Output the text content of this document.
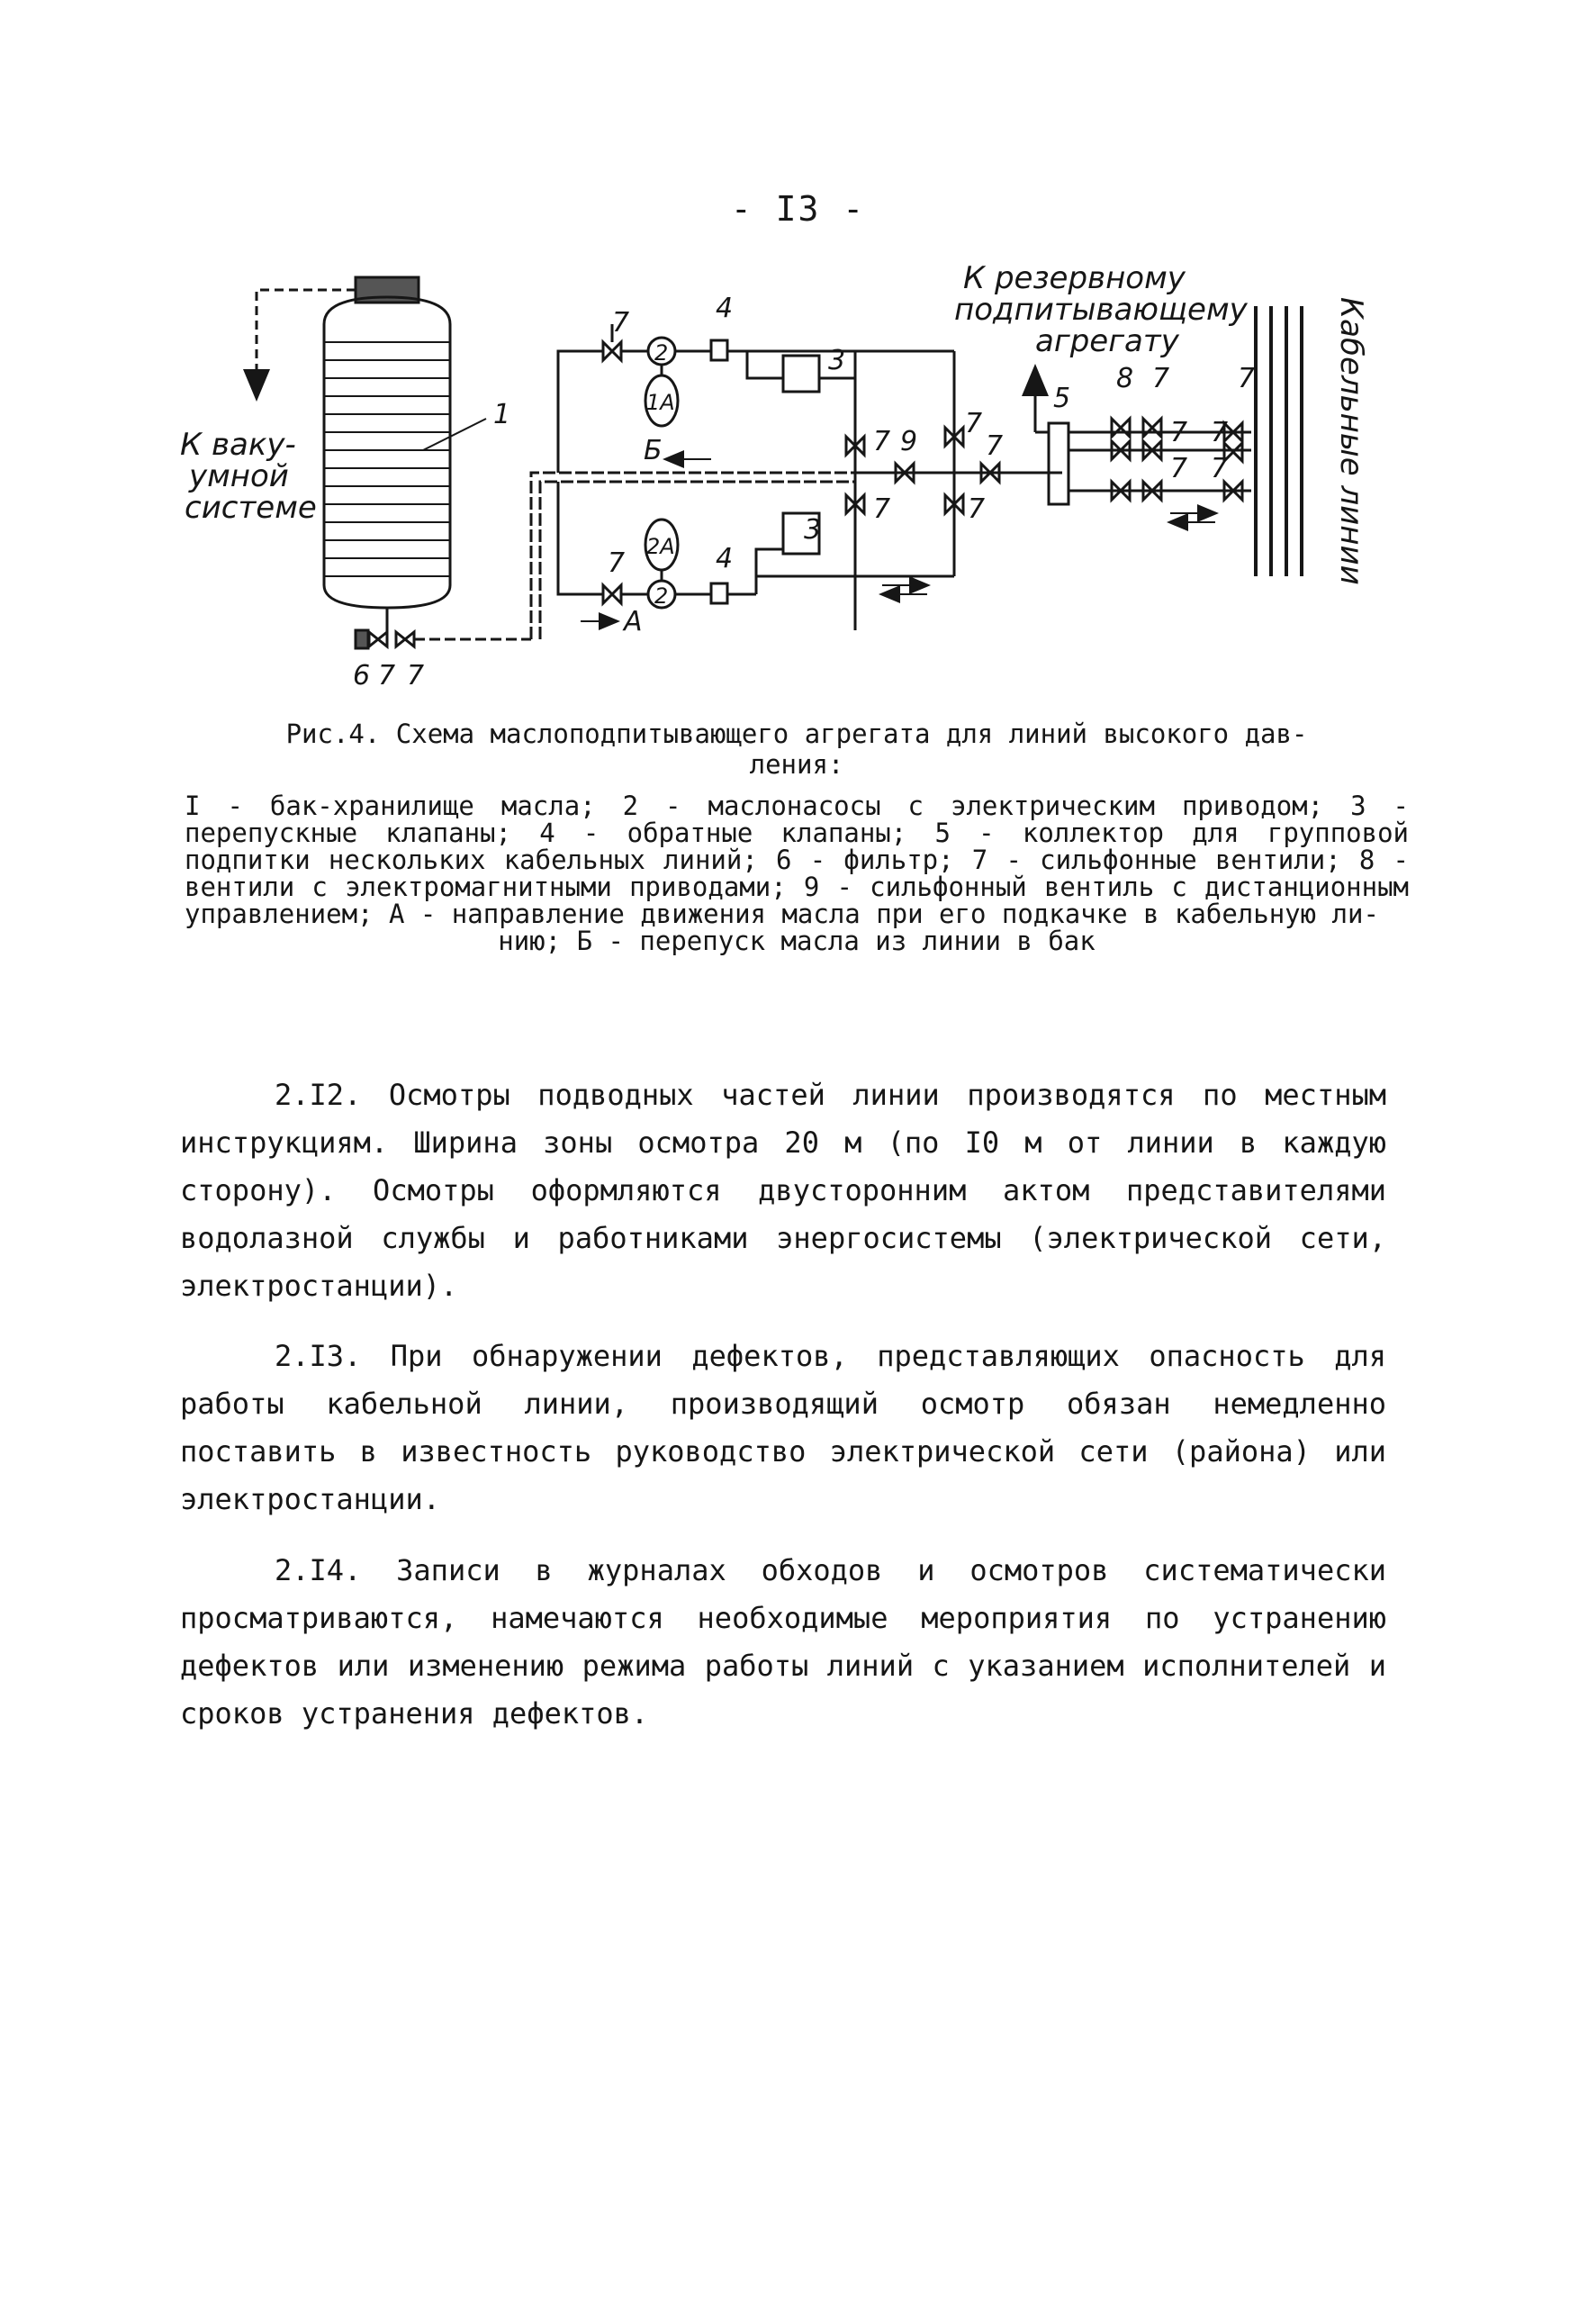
- I3 -
1
К ваку-
умной
системе
6 7 7
2
1А
7	4
3
Б
2
2А
7	4
3
А
7 9
7
7
7	7
5
8 7	7
7 7
7 7
К резервному
подпитывающему
агрегату	Кабельные линии
Рис.4. Схема маслоподпитывающего агрегата для линий высокого дав-
ления:
I - бак-хранилище масла; 2 - маслонасосы с электрическим приводом; 3 - перепускные клапаны; 4 - обратные клапаны; 5 - коллектор для групповой подпитки нескольких кабельных линий; 6 - фильтр; 7 - сильфонные вентили; 8 - вентили с электромагнитными приводами; 9 - сильфонный вентиль с дистанционным управлением; А - направление движения масла при его подкачке в кабельную ли-
нию; Б - перепуск масла из линии в бак

2.I2. Осмотры подводных частей линии производятся по местным инструкциям. Ширина зоны осмотра 20 м (по I0 м от линии в каждую сторону). Осмотры оформляются двусторонним актом представителями водолазной службы и работниками энергосистемы (электрической сети, электростанции).

2.I3. При обнаружении дефектов, представляющих опасность для работы кабельной линии, производящий осмотр обязан немедленно поставить в известность руководство электрической сети (района) или электростанции.

2.I4. Записи в журналах обходов и осмотров систематически просматриваются, намечаются необходимые мероприятия по устранению дефектов или изменению режима работы линий с указанием исполнителей и сроков устранения дефектов.
